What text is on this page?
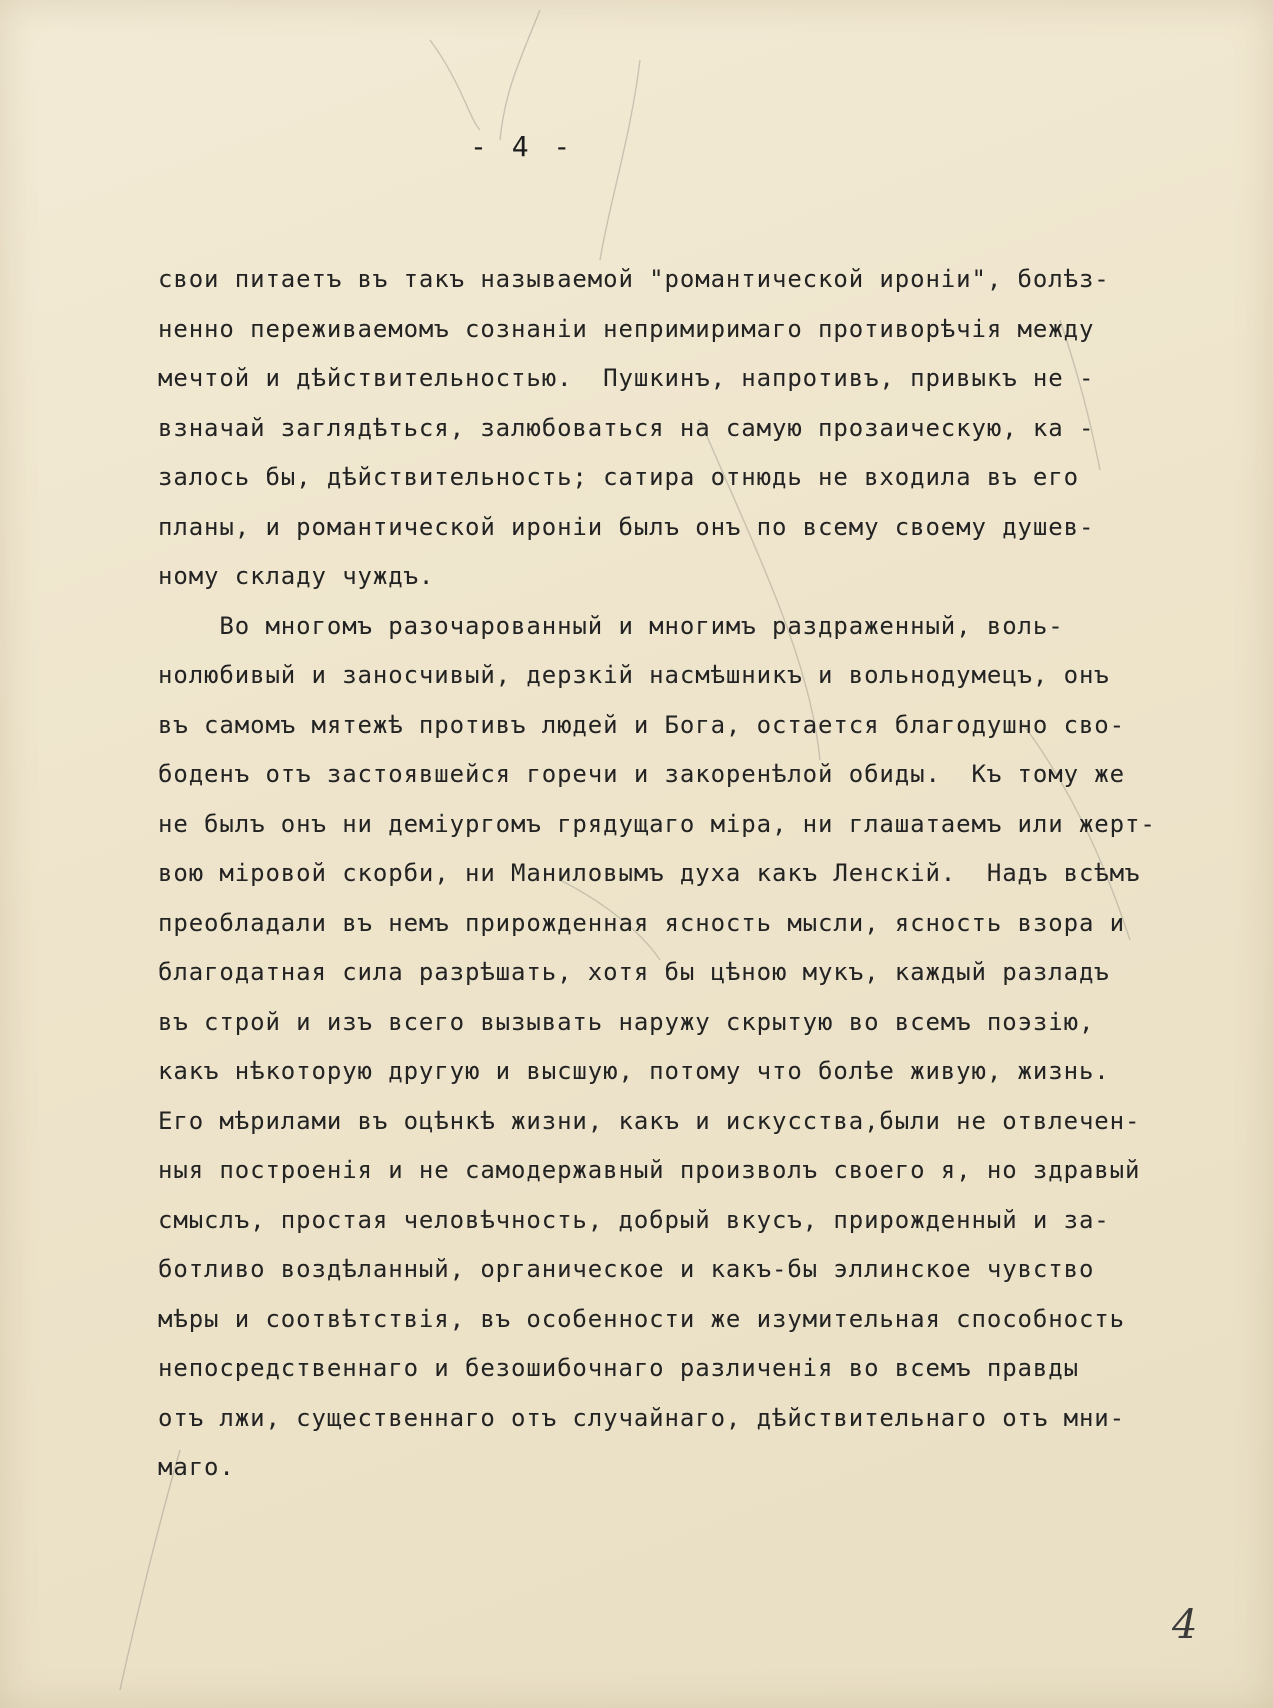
- 4 -
свои питаетъ въ такъ называемой "романтической ироніи", болѣз-
ненно переживаемомъ сознаніи непримиримаго противорѣчія между
мечтой и дѣйствительностью.  Пушкинъ, напротивъ, привыкъ не -
взначай заглядѣться, залюбоваться на самую прозаическую, ка -
залось бы, дѣйствительность; сатира отнюдь не входила въ его
планы, и романтической ироніи былъ онъ по всему своему душев-
ному складу чуждъ.
Во многомъ разочарованный и многимъ раздраженный, воль-
нолюбивый и заносчивый, дерзкій насмѣшникъ и вольнодумецъ, онъ
въ самомъ мятежѣ противъ людей и Бога, остается благодушно сво-
боденъ отъ застоявшейся горечи и закоренѣлой обиды.  Къ тому же
не былъ онъ ни деміургомъ грядущаго міра, ни глашатаемъ или жерт-
вою міровой скорби, ни Маниловымъ духа какъ Ленскій.  Надъ всѣмъ
преобладали въ немъ прирожденная ясность мысли, ясность взора и
благодатная сила разрѣшать, хотя бы цѣною мукъ, каждый разладъ
въ строй и изъ всего вызывать наружу скрытую во всемъ поэзію,
какъ нѣкоторую другую и высшую, потому что болѣе живую, жизнь.
Его мѣрилами въ оцѣнкѣ жизни, какъ и искусства,были не отвлечен-
ныя построенія и не самодержавный произволъ своего я, но здравый
смыслъ, простая человѣчность, добрый вкусъ, прирожденный и за-
ботливо воздѣланный, органическое и какъ-бы эллинское чувство
мѣры и соотвѣтствія, въ особенности же изумительная способность
непосредственнаго и безошибочнаго различенія во всемъ правды
отъ лжи, существеннаго отъ случайнаго, дѣйствительнаго отъ мни-
маго.
4
